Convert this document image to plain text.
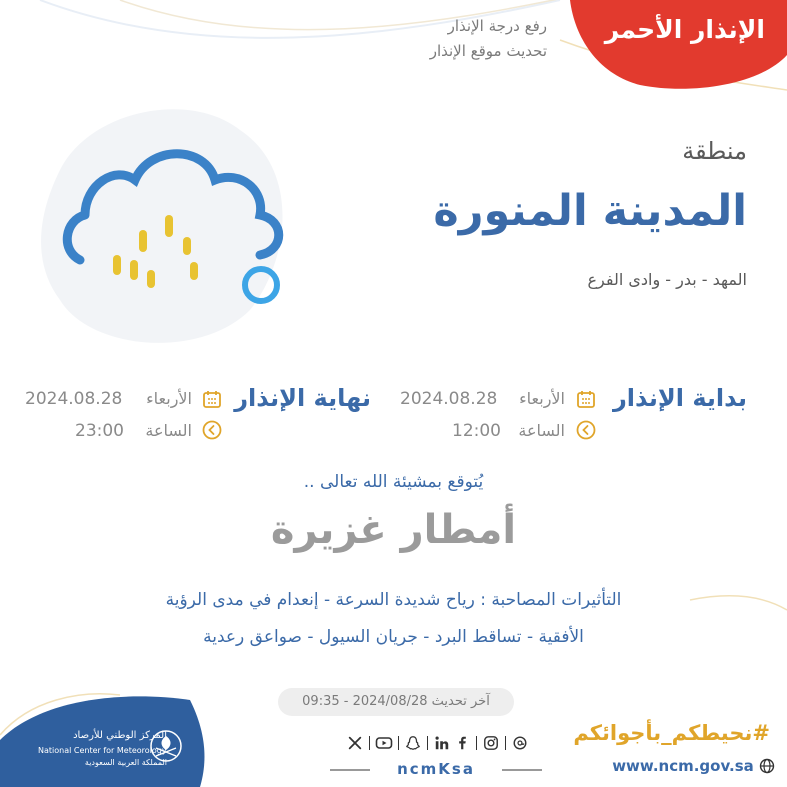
الإنذار الأحمر
رفع درجة الإنذار
تحديث موقع الإنذار
منطقة
المدينة المنورة
المهد - بدر - وادى الفرع
بداية الإنذار
الأربعاء
2024.08.28
الساعة
12:00
نهاية الإنذار
الأربعاء
2024.08.28
الساعة
23:00
يُتوقع بمشيئة الله تعالى ..
أمطار غزيرة
التأثيرات المصاحبة : رياح شديدة السرعة - إنعدام في مدى الرؤية
الأفقية - تساقط البرد - جريان السيول - صواعق رعدية
آخر تحديث 2024/08/28 - 09:35
ncmKsa
#نحيطكم_بأجوائكم
www.ncm.gov.sa
المركز الوطني للأرصاد
National Center for Meteorology
المملكة العربية السعودية
